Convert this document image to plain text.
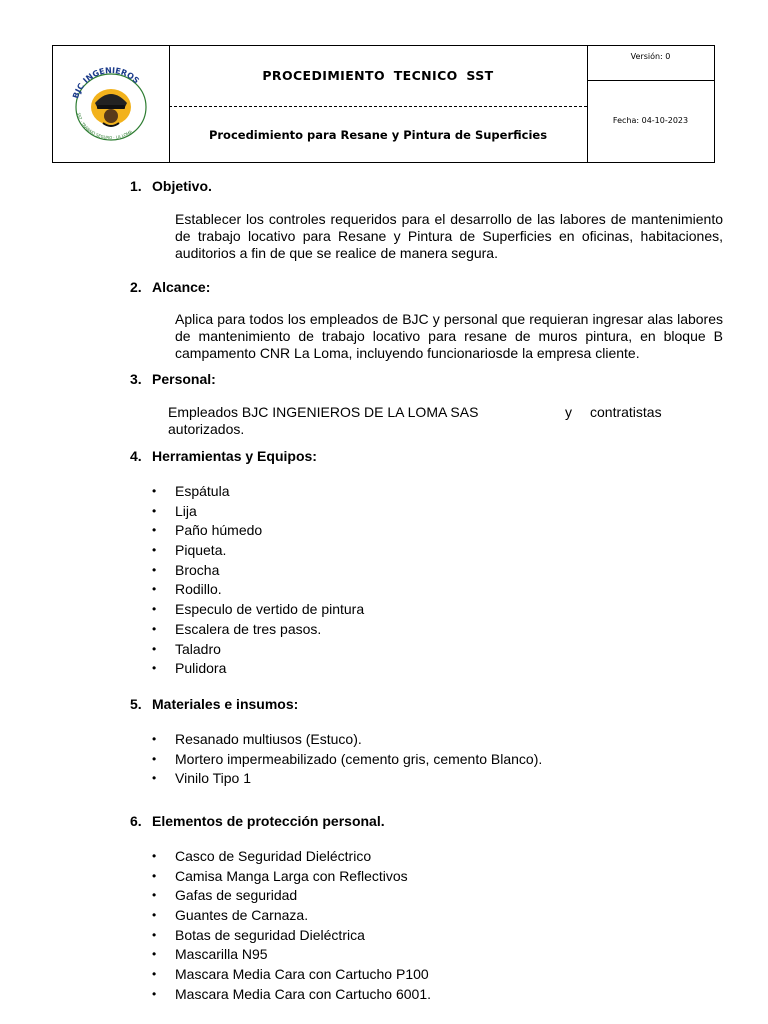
BJC INGENIEROS
SST · TRABAJO SEGURO · LA LOMA
PROCEDIMIENTO TECNICO SST
Procedimiento para Resane y Pintura de Superficies
Versión: 0
Fecha: 04-10-2023
1. Objetivo.
Establecer los controles requeridos para el desarrollo de las labores de mantenimiento de trabajo locativo para Resane y Pintura de Superficies en oficinas, habitaciones, auditorios a fin de que se realice de manera segura.
2. Alcance:
Aplica para todos los empleados de BJC y personal que requieran ingresar alas labores de mantenimiento de trabajo locativo para resane de muros pintura, en bloque B campamento CNR La Loma, incluyendo funcionariosde la empresa cliente.
3. Personal:
Empleados BJC INGENIEROS DE LA LOMA SAS	y contratistas
autorizados.
4. Herramientas y Equipos:
• Espátula
• Lija
• Paño húmedo
• Piqueta.
• Brocha
• Rodillo.
• Especulo de vertido de pintura
• Escalera de tres pasos.
• Taladro
• Pulidora
5. Materiales e insumos:
• Resanado multiusos (Estuco).
• Mortero impermeabilizado (cemento gris, cemento Blanco).
• Vinilo Tipo 1
6. Elementos de protección personal.
• Casco de Seguridad Dieléctrico
• Camisa Manga Larga con Reflectivos
• Gafas de seguridad
• Guantes de Carnaza.
• Botas de seguridad Dieléctrica
• Mascarilla N95
• Mascara Media Cara con Cartucho P100
• Mascara Media Cara con Cartucho 6001.
